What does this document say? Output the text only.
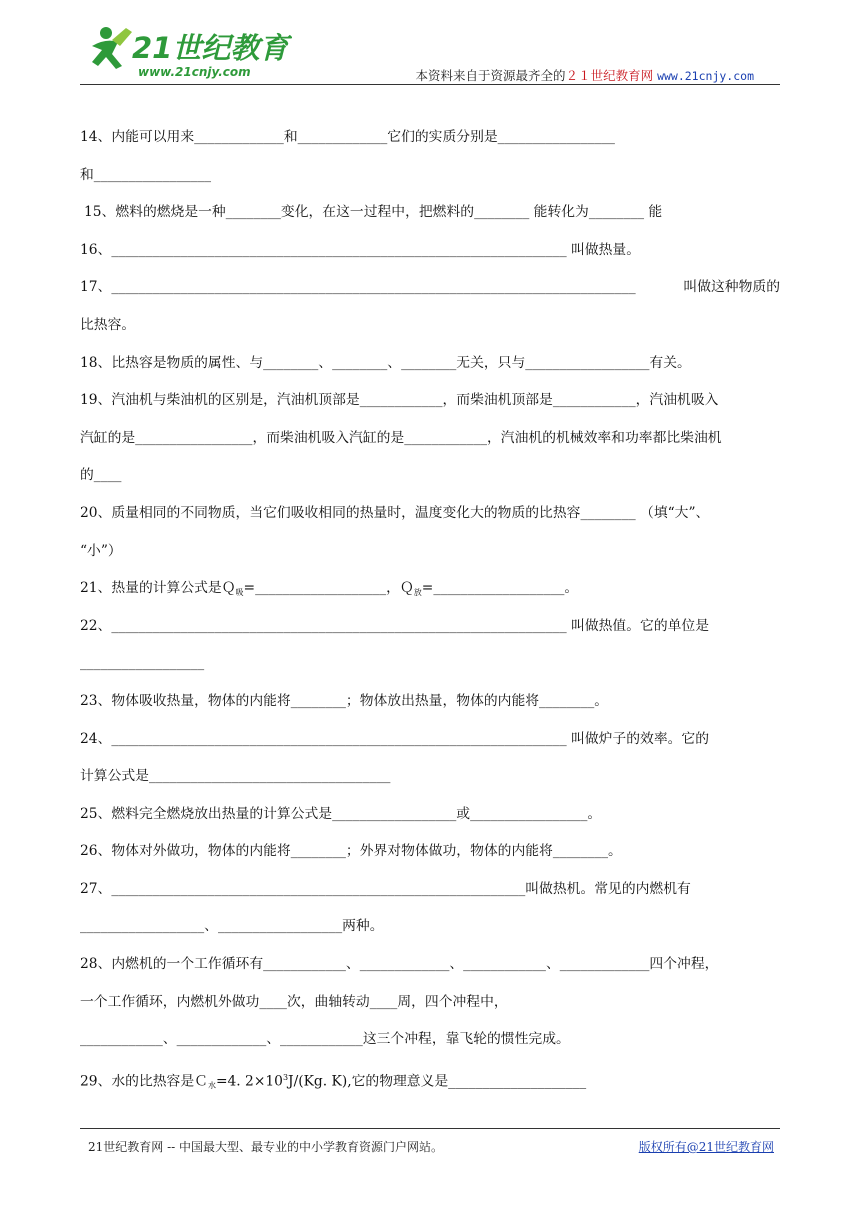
21世纪教育
www.21cnjy.com	本资料来自于资源最齐全的２１世纪教育网 www.21cnjy.com
14、内能可以用来_____________和_____________它们的实质分别是_________________
和_________________
15、燃料的燃烧是一种________变化，在这一过程中，把燃料的________ 能转化为________ 能
16、__________________________________________________________________ 叫做热量。
17、____________________________________________________________________________	叫做这种物质的
比热容。
18、比热容是物质的属性、与________、________、________无关，只与__________________有关。
19、汽油机与柴油机的区别是，汽油机顶部是____________，而柴油机顶部是____________，汽油机吸入
汽缸的是_________________，而柴油机吸入汽缸的是____________，汽油机的机械效率和功率都比柴油机
的____
20、质量相同的不同物质，当它们吸收相同的热量时，温度变化大的物质的比热容________ （填“大”、
“小”）
21、热量的计算公式是Ｑ$_吸$=___________________，Ｑ$_放$=___________________。
22、__________________________________________________________________ 叫做热值。它的单位是
__________________
23、物体吸收热量，物体的内能将________；物体放出热量，物体的内能将________。
24、__________________________________________________________________ 叫做炉子的效率。它的
计算公式是___________________________________
25、燃料完全燃烧放出热量的计算公式是__________________或_________________。
26、物体对外做功，物体的内能将________；外界对物体做功，物体的内能将________。
27、____________________________________________________________叫做热机。常见的内燃机有
__________________、__________________两种。
28、内燃机的一个工作循环有____________、_____________、____________、_____________四个冲程，
一个工作循环，内燃机外做功____次，曲轴转动____周，四个冲程中，
____________、_____________、____________这三个冲程，靠飞轮的惯性完成。
29、水的比热容是Ｃ$_水$=4. $2\times 10^3J/(Kg$. K),它的物理意义是____________________
21世纪教育网 -- 中国最大型、最专业的中小学教育资源门户网站。	版权所有@21世纪教育网
